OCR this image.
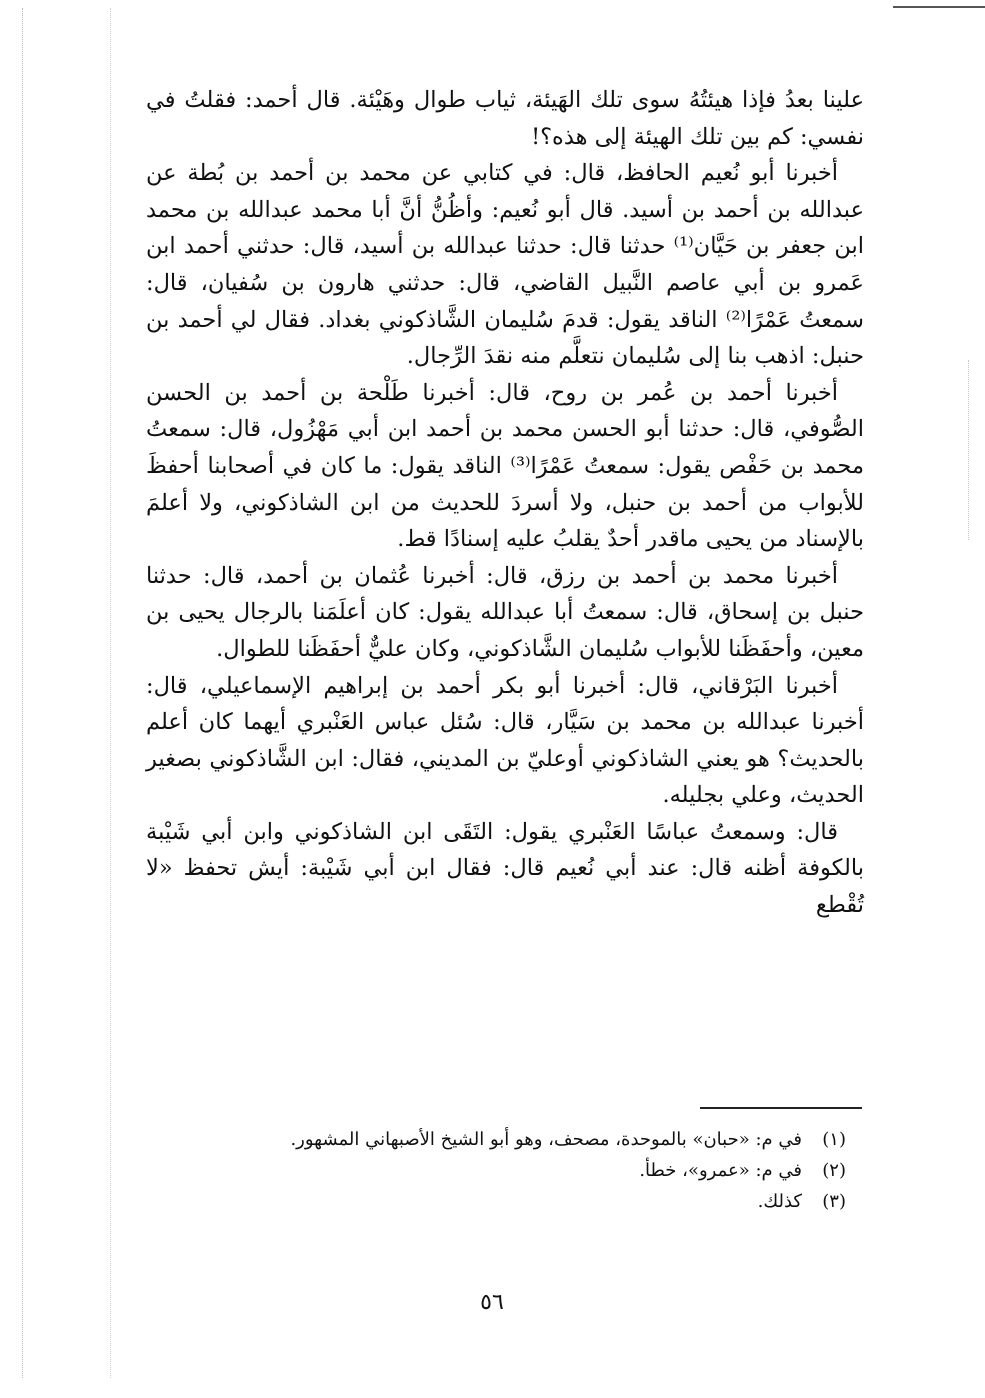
علينا بعدُ فإذا هيئتُهُ سوى تلك الهَيئة، ثياب طوال وهَيْئة. قال أحمد: فقلتُ في نفسي: كم بين تلك الهيئة إلى هذه؟!

أخبرنا أبو نُعيم الحافظ، قال: في كتابي عن محمد بن أحمد بن بُطة عن عبدالله بن أحمد بن أسيد. قال أبو نُعيم: وأظُنُّ أنَّ أبا محمد عبدالله بن محمد ابن جعفر بن حَيَّان⁽¹⁾ حدثنا قال: حدثنا عبدالله بن أسيد، قال: حدثني أحمد ابن عَمرو بن أبي عاصم النَّبيل القاضي، قال: حدثني هارون بن سُفيان، قال: سمعتُ عَمْرًا⁽²⁾ الناقد يقول: قدمَ سُليمان الشَّاذكوني بغداد. فقال لي أحمد بن حنبل: اذهب بنا إلى سُليمان نتعلَّم منه نقدَ الرِّجال.

أخبرنا أحمد بن عُمر بن روح، قال: أخبرنا طَلْحة بن أحمد بن الحسن الصُّوفي، قال: حدثنا أبو الحسن محمد بن أحمد ابن أبي مَهْزُول، قال: سمعتُ محمد بن حَفْص يقول: سمعتُ عَمْرًا⁽³⁾ الناقد يقول: ما كان في أصحابنا أحفظَ للأبواب من أحمد بن حنبل، ولا أسردَ للحديث من ابن الشاذكوني، ولا أعلمَ بالإسناد من يحيى ماقدر أحدٌ يقلبُ عليه إسنادًا قط.

أخبرنا محمد بن أحمد بن رزق، قال: أخبرنا عُثمان بن أحمد، قال: حدثنا حنبل بن إسحاق، قال: سمعتُ أبا عبدالله يقول: كان أعلَمَنا بالرجال يحيى بن معين، وأحفَظَنا للأبواب سُليمان الشَّاذكوني، وكان عليٌّ أحفَظَنا للطوال.

أخبرنا البَرْقاني، قال: أخبرنا أبو بكر أحمد بن إبراهيم الإسماعيلي، قال: أخبرنا عبدالله بن محمد بن سَيَّار، قال: سُئل عباس العَنْبري أيهما كان أعلم بالحديث؟ هو يعني الشاذكوني أوعليّ بن المديني، فقال: ابن الشَّاذكوني بصغير الحديث، وعلي بجليله.

قال: وسمعتُ عباسًا العَنْبري يقول: التَقَى ابن الشاذكوني وابن أبي شَيْبة بالكوفة أظنه قال: عند أبي نُعيم قال: فقال ابن أبي شَيْبة: أيش تحفظ «لا تُقْطع

(١)
في م: «حبان» بالموحدة، مصحف، وهو أبو الشيخ الأصبهاني المشهور.
(٢)
في م: «عمرو»، خطأ.
(٣)
كذلك.
٥٦
